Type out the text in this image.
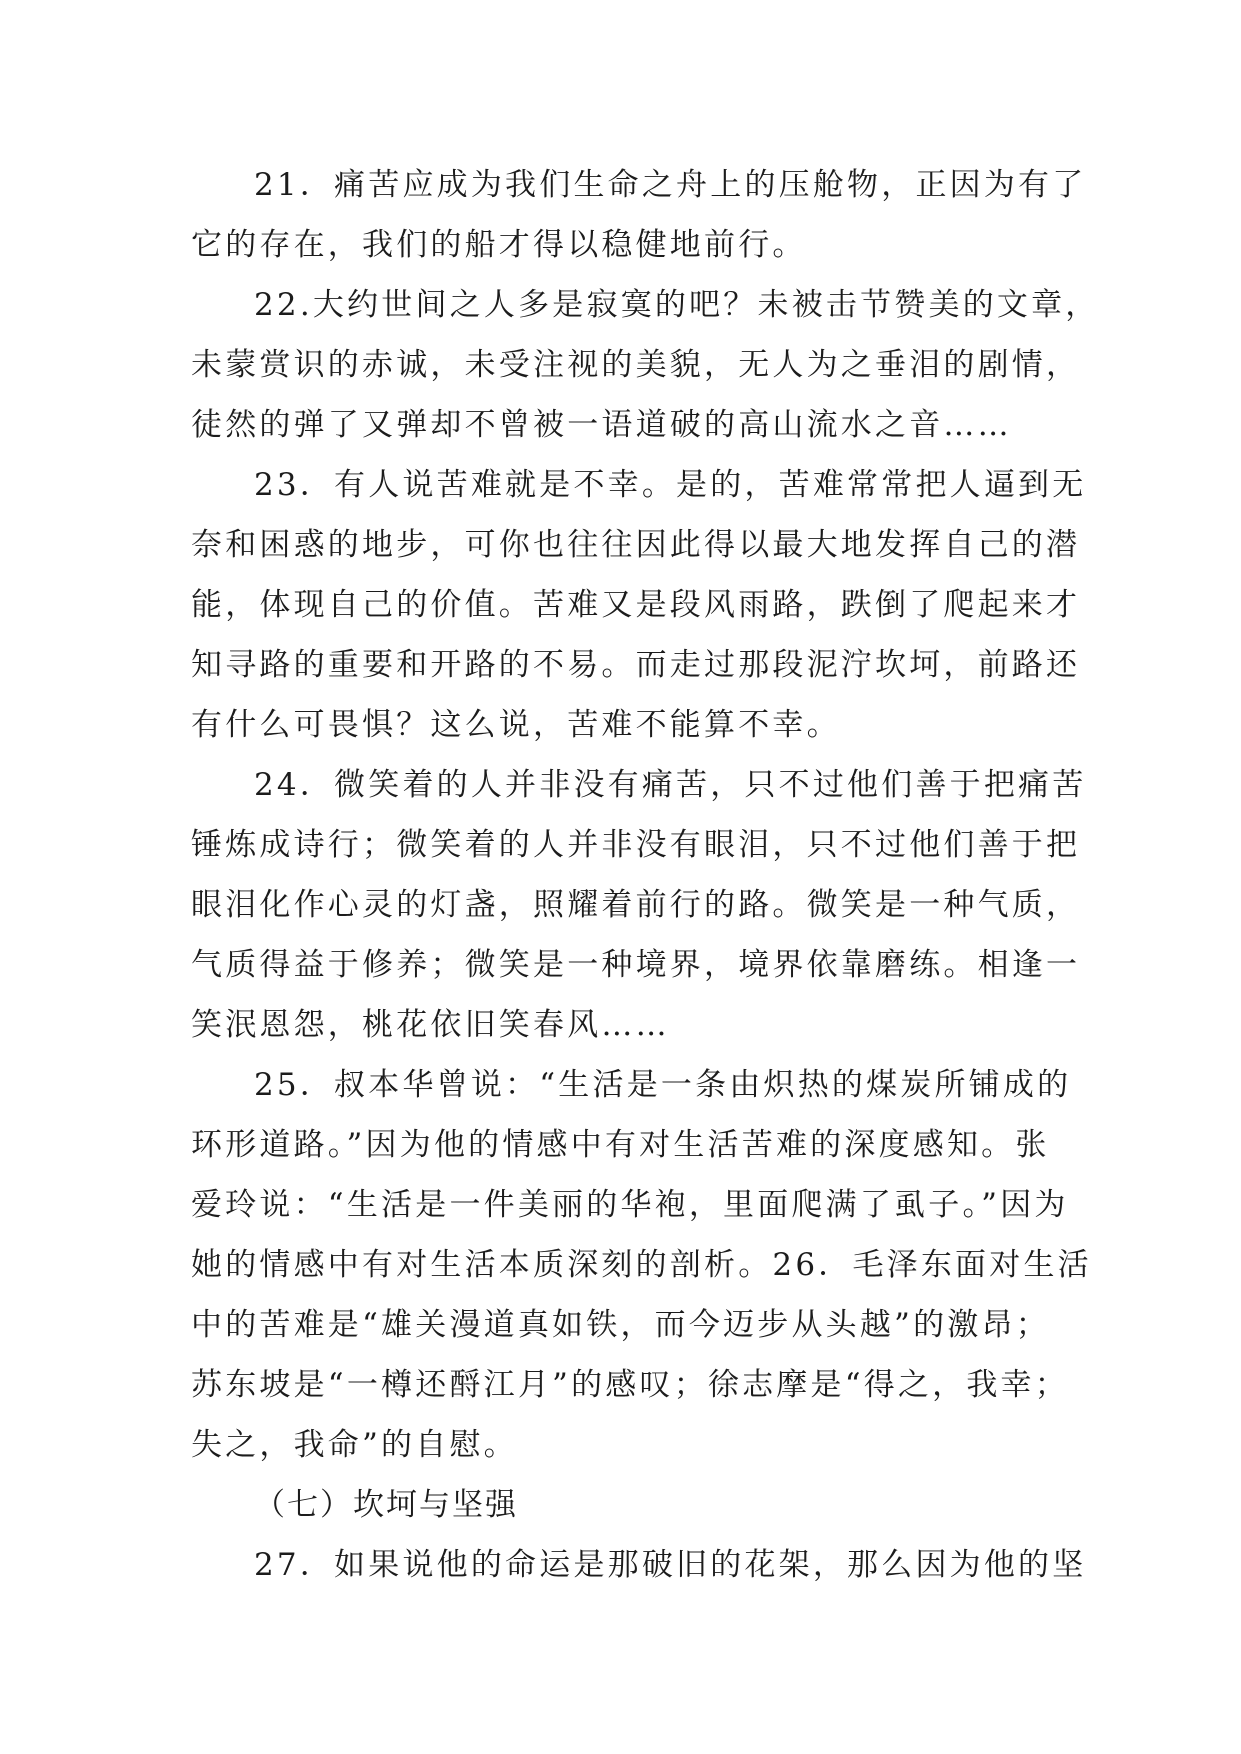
21．痛苦应成为我们生命之舟上的压舱物，正因为有了
它的存在，我们的船才得以稳健地前行。
22.大约世间之人多是寂寞的吧？未被击节赞美的文章，
未蒙赏识的赤诚，未受注视的美貌，无人为之垂泪的剧情，
徒然的弹了又弹却不曾被一语道破的高山流水之音……
23．有人说苦难就是不幸。是的，苦难常常把人逼到无
奈和困惑的地步，可你也往往因此得以最大地发挥自己的潜
能，体现自己的价值。苦难又是段风雨路，跌倒了爬起来才
知寻路的重要和开路的不易。而走过那段泥泞坎坷，前路还
有什么可畏惧？这么说，苦难不能算不幸。
24．微笑着的人并非没有痛苦，只不过他们善于把痛苦
锤炼成诗行；微笑着的人并非没有眼泪，只不过他们善于把
眼泪化作心灵的灯盏，照耀着前行的路。微笑是一种气质，
气质得益于修养；微笑是一种境界，境界依靠磨练。相逢一
笑泯恩怨，桃花依旧笑春风……
25．叔本华曾说：“生活是一条由炽热的煤炭所铺成的
环形道路。”因为他的情感中有对生活苦难的深度感知。张
爱玲说：“生活是一件美丽的华袍，里面爬满了虱子。”因为
她的情感中有对生活本质深刻的剖析。26．毛泽东面对生活
中的苦难是“雄关漫道真如铁，而今迈步从头越”的激昂；
苏东坡是“一樽还酹江月”的感叹；徐志摩是“得之，我幸；
失之，我命”的自慰。
（七）坎坷与坚强
27．如果说他的命运是那破旧的花架，那么因为他的坚
